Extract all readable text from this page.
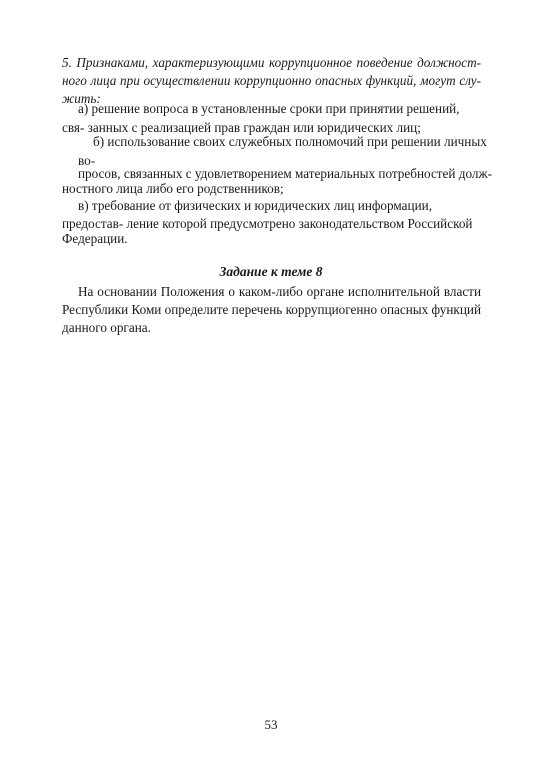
5. Признаками, характеризующими коррупционное поведение должност-

ного лица при осуществлении коррупционно опасных функций, могут слу-

жить:

а) решение вопроса в установленные сроки при принятии решений,

свя- занных с реализацией прав граждан или юридических лиц;

б) использование своих служебных полномочий при решении личных

во-

просов, связанных с удовлетворением материальных потребностей долж-

ностного лица либо его родственников;

в) требование от физических и юридических лиц информации,

предостав- ление которой предусмотрено законодательством Российской

Федерации.

Задание к теме 8

На основании Положения о каком-либо органе исполнительной власти

Республики Коми определите перечень коррупциогенно опасных функций

данного органа.

53
